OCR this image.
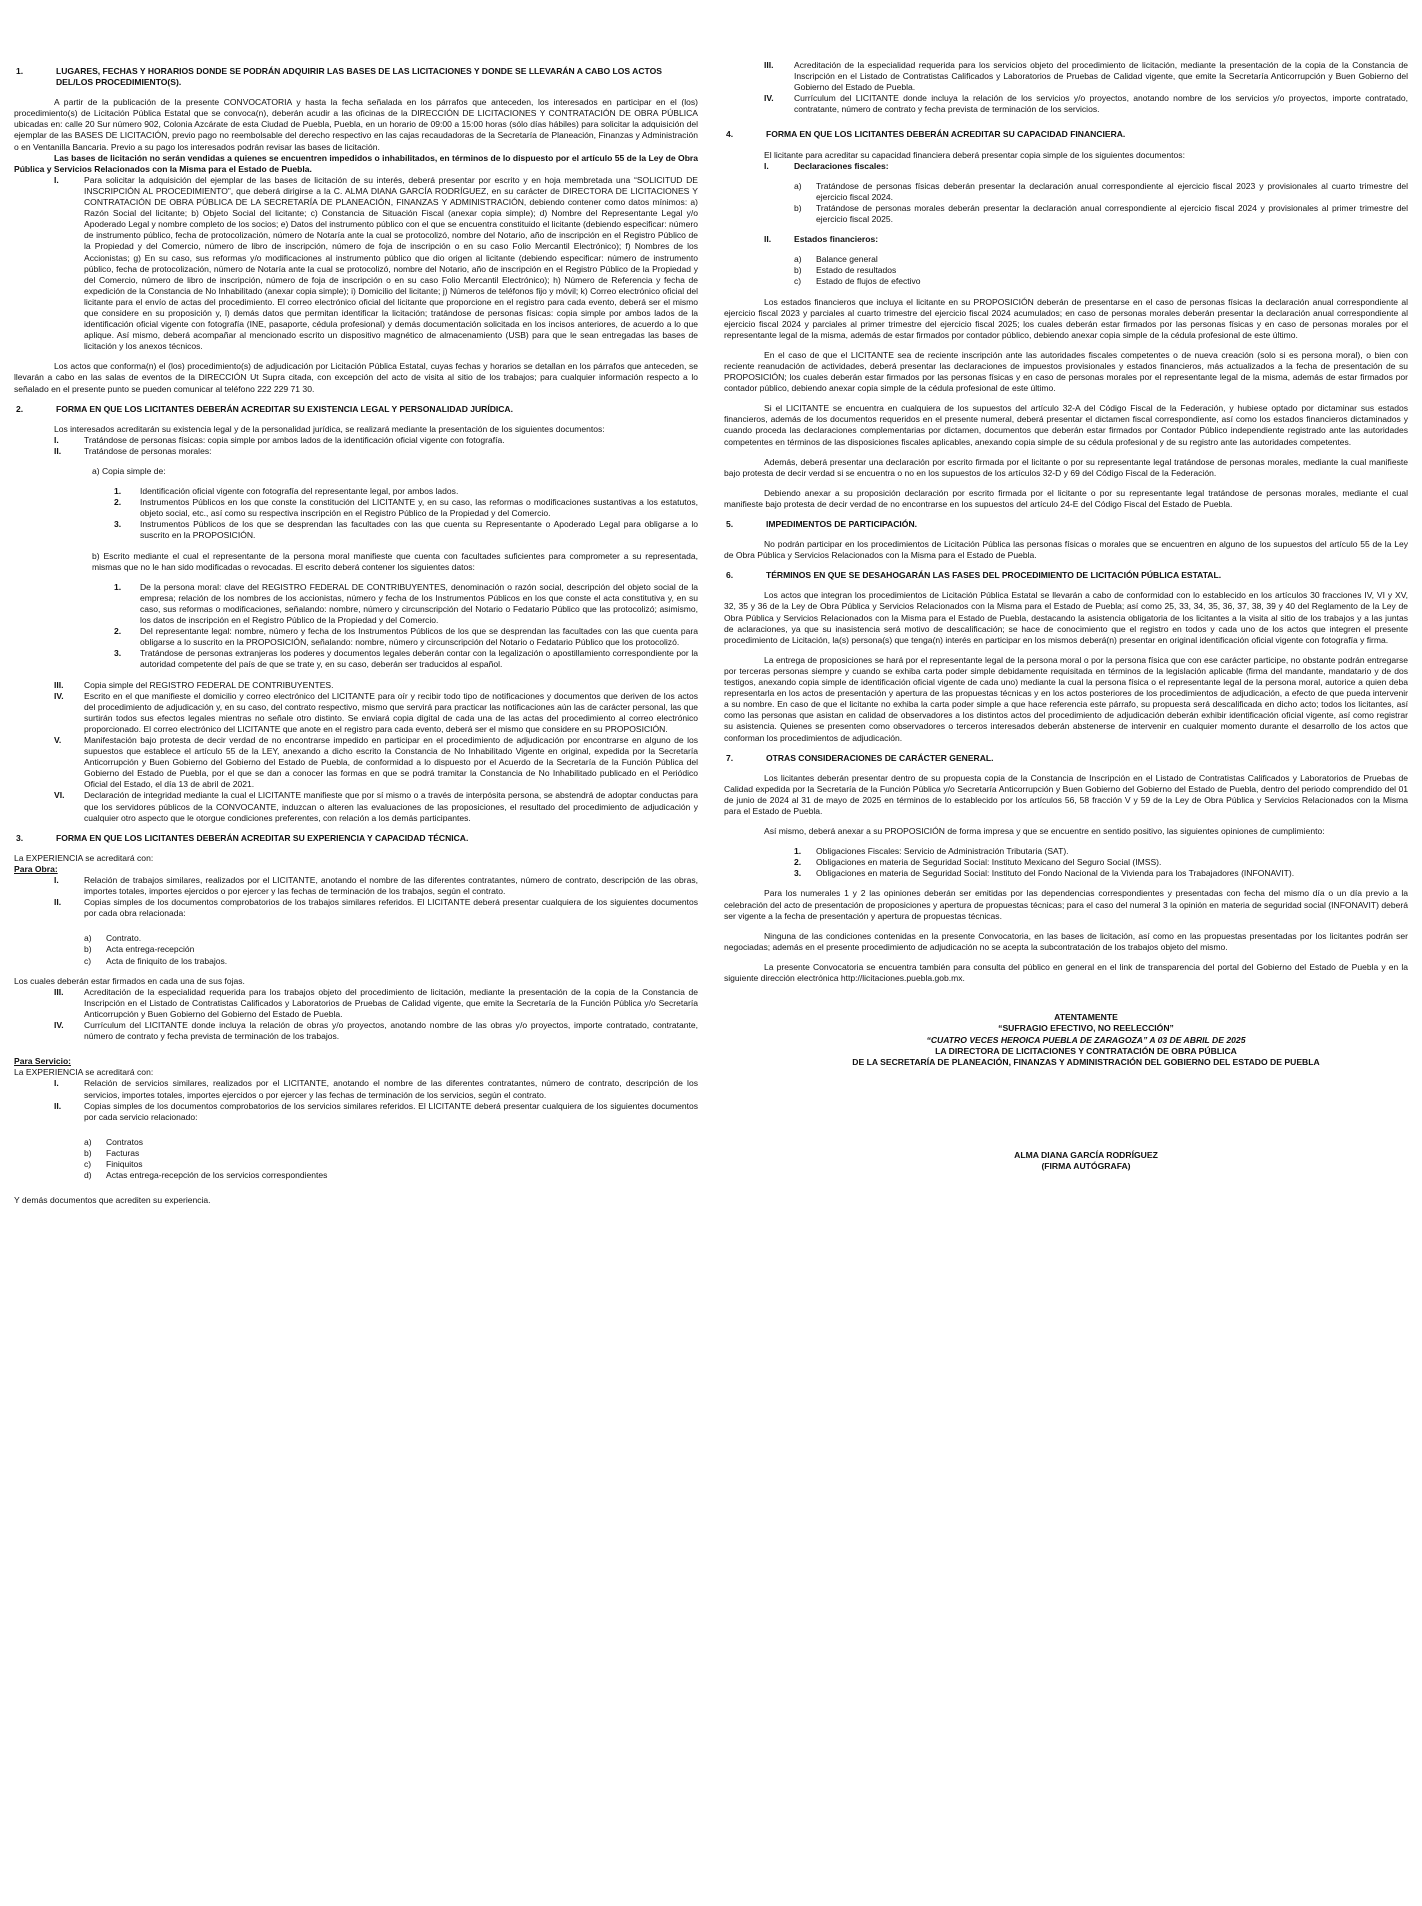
1.	LUGARES, FECHAS Y HORARIOS DONDE SE PODRÁN ADQUIRIR LAS BASES DE LAS LICITACIONES Y DONDE SE LLEVARÁN A CABO LOS ACTOS DEL/LOS PROCEDIMIENTO(S).

A partir de la publicación de la presente CONVOCATORIA y hasta la fecha señalada en los párrafos que anteceden, los interesados en participar en el (los) procedimiento(s) de Licitación Pública Estatal que se convoca(n), deberán acudir a las oficinas de la DIRECCIÓN DE LICITACIONES Y CONTRATACIÓN DE OBRA PÚBLICA ubicadas en: calle 20 Sur número 902, Colonia Azcárate de esta Ciudad de Puebla, Puebla, en un horario de 09:00 a 15:00 horas (sólo días hábiles) para solicitar la adquisición del ejemplar de las BASES DE LICITACIÓN, previo pago no reembolsable del derecho respectivo en las cajas recaudadoras de la Secretaría de Planeación, Finanzas y Administración o en Ventanilla Bancaria. Previo a su pago los interesados podrán revisar las bases de licitación.

Las bases de licitación no serán vendidas a quienes se encuentren impedidos o inhabilitados, en términos de lo dispuesto por el artículo 55 de la Ley de Obra Pública y Servicios Relacionados con la Misma para el Estado de Puebla.

I.	Para solicitar la adquisición del ejemplar de las bases de licitación de su interés, deberá presentar por escrito y en hoja membretada una “SOLICITUD DE INSCRIPCIÓN AL PROCEDIMIENTO”, que deberá dirigirse a la C. ALMA DIANA GARCÍA RODRÍGUEZ, en su carácter de DIRECTORA DE LICITACIONES Y CONTRATACIÓN DE OBRA PÚBLICA DE LA SECRETARÍA DE PLANEACIÓN, FINANZAS Y ADMINISTRACIÓN, debiendo contener como datos mínimos: a) Razón Social del licitante; b) Objeto Social del licitante; c) Constancia de Situación Fiscal (anexar copia simple); d) Nombre del Representante Legal y/o Apoderado Legal y nombre completo de los socios; e) Datos del instrumento público con el que se encuentra constituido el licitante (debiendo especificar: número de instrumento público, fecha de protocolización, número de Notaría ante la cual se protocolizó, nombre del Notario, año de inscripción en el Registro Público de la Propiedad y del Comercio, número de libro de inscripción, número de foja de inscripción o en su caso Folio Mercantil Electrónico); f) Nombres de los Accionistas; g) En su caso, sus reformas y/o modificaciones al instrumento público que dio origen al licitante (debiendo especificar: número de instrumento público, fecha de protocolización, número de Notaría ante la cual se protocolizó, nombre del Notario, año de inscripción en el Registro Público de la Propiedad y del Comercio, número de libro de inscripción, número de foja de inscripción o en su caso Folio Mercantil Electrónico); h) Número de Referencia y fecha de expedición de la Constancia de No Inhabilitado (anexar copia simple); i) Domicilio del licitante; j) Números de teléfonos fijo y móvil; k) Correo electrónico oficial del licitante para el envío de actas del procedimiento. El correo electrónico oficial del licitante que proporcione en el registro para cada evento, deberá ser el mismo que considere en su proposición y, l) demás datos que permitan identificar la licitación; tratándose de personas físicas: copia simple por ambos lados de la identificación oficial vigente con fotografía (INE, pasaporte, cédula profesional) y demás documentación solicitada en los incisos anteriores, de acuerdo a lo que aplique. Así mismo, deberá acompañar al mencionado escrito un dispositivo magnético de almacenamiento (USB) para que le sean entregadas las bases de licitación y los anexos técnicos.

Los actos que conforma(n) el (los) procedimiento(s) de adjudicación por Licitación Pública Estatal, cuyas fechas y horarios se detallan en los párrafos que anteceden, se llevarán a cabo en las salas de eventos de la DIRECCIÓN Ut Supra citada, con excepción del acto de visita al sitio de los trabajos; para cualquier información respecto a lo señalado en el presente punto se pueden comunicar al teléfono 222 229 71 30.

2.	FORMA EN QUE LOS LICITANTES DEBERÁN ACREDITAR SU EXISTENCIA LEGAL Y PERSONALIDAD JURÍDICA.

Los interesados acreditarán su existencia legal y de la personalidad jurídica, se realizará mediante la presentación de los siguientes documentos:

I.	Tratándose de personas físicas: copia simple por ambos lados de la identificación oficial vigente con fotografía.
II.	Tratándose de personas morales:

a) Copia simple de:

1.	Identificación oficial vigente con fotografía del representante legal, por ambos lados.
2.	Instrumentos Públicos en los que conste la constitución del LICITANTE y, en su caso, las reformas o modificaciones sustantivas a los estatutos, objeto social, etc., así como su respectiva inscripción en el Registro Público de la Propiedad y del Comercio.
3.	Instrumentos Públicos de los que se desprendan las facultades con las que cuenta su Representante o Apoderado Legal para obligarse a lo suscrito en la PROPOSICIÓN.

b) Escrito mediante el cual el representante de la persona moral manifieste que cuenta con facultades suficientes para comprometer a su representada, mismas que no le han sido modificadas o revocadas. El escrito deberá contener los siguientes datos:

1.	De la persona moral: clave del REGISTRO FEDERAL DE CONTRIBUYENTES, denominación o razón social, descripción del objeto social de la empresa; relación de los nombres de los accionistas, número y fecha de los Instrumentos Públicos en los que conste el acta constitutiva y, en su caso, sus reformas o modificaciones, señalando: nombre, número y circunscripción del Notario o Fedatario Público que las protocolizó; asimismo, los datos de inscripción en el Registro Público de la Propiedad y del Comercio.
2.	Del representante legal: nombre, número y fecha de los Instrumentos Públicos de los que se desprendan las facultades con las que cuenta para obligarse a lo suscrito en la PROPOSICIÓN, señalando: nombre, número y circunscripción del Notario o Fedatario Público que los protocolizó.
3.	Tratándose de personas extranjeras los poderes y documentos legales deberán contar con la legalización o apostillamiento correspondiente por la autoridad competente del país de que se trate y, en su caso, deberán ser traducidos al español.
III.	Copia simple del REGISTRO FEDERAL DE CONTRIBUYENTES.
IV.	Escrito en el que manifieste el domicilio y correo electrónico del LICITANTE para oír y recibir todo tipo de notificaciones y documentos que deriven de los actos del procedimiento de adjudicación y, en su caso, del contrato respectivo, mismo que servirá para practicar las notificaciones aún las de carácter personal, las que surtirán todos sus efectos legales mientras no señale otro distinto. Se enviará copia digital de cada una de las actas del procedimiento al correo electrónico proporcionado. El correo electrónico del LICITANTE que anote en el registro para cada evento, deberá ser el mismo que considere en su PROPOSICIÓN.
V.	Manifestación bajo protesta de decir verdad de no encontrarse impedido en participar en el procedimiento de adjudicación por encontrarse en alguno de los supuestos que establece el artículo 55 de la LEY, anexando a dicho escrito la Constancia de No Inhabilitado Vigente en original, expedida por la Secretaría Anticorrupción y Buen Gobierno del Gobierno del Estado de Puebla, de conformidad a lo dispuesto por el Acuerdo de la Secretaría de la Función Pública del Gobierno del Estado de Puebla, por el que se dan a conocer las formas en que se podrá tramitar la Constancia de No Inhabilitado publicado en el Periódico Oficial del Estado, el día 13 de abril de 2021.
VI.	Declaración de integridad mediante la cual el LICITANTE manifieste que por sí mismo o a través de interpósita persona, se abstendrá de adoptar conductas para que los servidores públicos de la CONVOCANTE, induzcan o alteren las evaluaciones de las proposiciones, el resultado del procedimiento de adjudicación y cualquier otro aspecto que le otorgue condiciones preferentes, con relación a los demás participantes.
3.	FORMA EN QUE LOS LICITANTES DEBERÁN ACREDITAR SU EXPERIENCIA Y CAPACIDAD TÉCNICA.

La EXPERIENCIA se acreditará con:

Para Obra:

I.	Relación de trabajos similares, realizados por el LICITANTE, anotando el nombre de las diferentes contratantes, número de contrato, descripción de las obras, importes totales, importes ejercidos o por ejercer y las fechas de terminación de los trabajos, según el contrato.
II.	Copias simples de los documentos comprobatorios de los trabajos similares referidos. El LICITANTE deberá presentar cualquiera de los siguientes documentos por cada obra relacionada:
a)	Contrato.
b)	Acta entrega-recepción
c)	Acta de finiquito de los trabajos.

Los cuales deberán estar firmados en cada una de sus fojas.

III.	Acreditación de la especialidad requerida para los trabajos objeto del procedimiento de licitación, mediante la presentación de la copia de la Constancia de Inscripción en el Listado de Contratistas Calificados y Laboratorios de Pruebas de Calidad vigente, que emite la Secretaría de la Función Pública y/o Secretaría Anticorrupción y Buen Gobierno del Gobierno del Estado de Puebla.
IV.	Currículum del LICITANTE donde incluya la relación de obras y/o proyectos, anotando nombre de las obras y/o proyectos, importe contratado, contratante, número de contrato y fecha prevista de terminación de los trabajos.

Para Servicio:

La EXPERIENCIA se acreditará con:

I.	Relación de servicios similares, realizados por el LICITANTE, anotando el nombre de las diferentes contratantes, número de contrato, descripción de los servicios, importes totales, importes ejercidos o por ejercer y las fechas de terminación de los servicios, según el contrato.
II.	Copias simples de los documentos comprobatorios de los servicios similares referidos. El LICITANTE deberá presentar cualquiera de los siguientes documentos por cada servicio relacionado:
a)	Contratos
b)	Facturas
c)	Finiquitos
d)	Actas entrega-recepción de los servicios correspondientes

Y demás documentos que acrediten su experiencia.

III.	Acreditación de la especialidad requerida para los servicios objeto del procedimiento de licitación, mediante la presentación de la copia de la Constancia de Inscripción en el Listado de Contratistas Calificados y Laboratorios de Pruebas de Calidad vigente, que emite la Secretaría Anticorrupción y Buen Gobierno del Gobierno del Estado de Puebla.
IV.	Currículum del LICITANTE donde incluya la relación de los servicios y/o proyectos, anotando nombre de los servicios y/o proyectos, importe contratado, contratante, número de contrato y fecha prevista de terminación de los servicios.
4.	FORMA EN QUE LOS LICITANTES DEBERÁN ACREDITAR SU CAPACIDAD FINANCIERA.

El licitante para acreditar su capacidad financiera deberá presentar copia simple de los siguientes documentos:

I.	Declaraciones fiscales:
a)	Tratándose de personas físicas deberán presentar la declaración anual correspondiente al ejercicio fiscal 2023 y provisionales al cuarto trimestre del ejercicio fiscal 2024.
b)	Tratándose de personas morales deberán presentar la declaración anual correspondiente al ejercicio fiscal 2024 y provisionales al primer trimestre del ejercicio fiscal 2025.
II.	Estados financieros:
a)	Balance general
b)	Estado de resultados
c)	Estado de flujos de efectivo

Los estados financieros que incluya el licitante en su PROPOSICIÓN deberán de presentarse en el caso de personas físicas la declaración anual correspondiente al ejercicio fiscal 2023 y parciales al cuarto trimestre del ejercicio fiscal 2024 acumulados; en caso de personas morales deberán presentar la declaración anual correspondiente al ejercicio fiscal 2024 y parciales al primer trimestre del ejercicio fiscal 2025; los cuales deberán estar firmados por las personas físicas y en caso de personas morales por el representante legal de la misma, además de estar firmados por contador público, debiendo anexar copia simple de la cédula profesional de este último.

En el caso de que el LICITANTE sea de reciente inscripción ante las autoridades fiscales competentes o de nueva creación (solo si es persona moral), o bien con reciente reanudación de actividades, deberá presentar las declaraciones de impuestos provisionales y estados financieros, más actualizados a la fecha de presentación de su PROPOSICIÓN; los cuales deberán estar firmados por las personas físicas y en caso de personas morales por el representante legal de la misma, además de estar firmados por contador público, debiendo anexar copia simple de la cédula profesional de este último.

Si el LICITANTE se encuentra en cualquiera de los supuestos del artículo 32-A del Código Fiscal de la Federación, y hubiese optado por dictaminar sus estados financieros, además de los documentos requeridos en el presente numeral, deberá presentar el dictamen fiscal correspondiente, así como los estados financieros dictaminados y cuando proceda las declaraciones complementarias por dictamen, documentos que deberán estar firmados por Contador Público independiente registrado ante las autoridades competentes en términos de las disposiciones fiscales aplicables, anexando copia simple de su cédula profesional y de su registro ante las autoridades competentes.

Además, deberá presentar una declaración por escrito firmada por el licitante o por su representante legal tratándose de personas morales, mediante la cual manifieste bajo protesta de decir verdad si se encuentra o no en los supuestos de los artículos 32-D y 69 del Código Fiscal de la Federación.

Debiendo anexar a su proposición declaración por escrito firmada por el licitante o por su representante legal tratándose de personas morales, mediante el cual manifieste bajo protesta de decir verdad de no encontrarse en los supuestos del artículo 24-E del Código Fiscal del Estado de Puebla.

5.	IMPEDIMENTOS DE PARTICIPACIÓN.

No podrán participar en los procedimientos de Licitación Pública las personas físicas o morales que se encuentren en alguno de los supuestos del artículo 55 de la Ley de Obra Pública y Servicios Relacionados con la Misma para el Estado de Puebla.

6.	TÉRMINOS EN QUE SE DESAHOGARÁN LAS FASES DEL PROCEDIMIENTO DE LICITACIÓN PÚBLICA ESTATAL.

Los actos que integran los procedimientos de Licitación Pública Estatal se llevarán a cabo de conformidad con lo establecido en los artículos 30 fracciones IV, VI y XV, 32, 35 y 36 de la Ley de Obra Pública y Servicios Relacionados con la Misma para el Estado de Puebla; así como 25, 33, 34, 35, 36, 37, 38, 39 y 40 del Reglamento de la Ley de Obra Pública y Servicios Relacionados con la Misma para el Estado de Puebla, destacando la asistencia obligatoria de los licitantes a la visita al sitio de los trabajos y a las juntas de aclaraciones, ya que su inasistencia será motivo de descalificación; se hace de conocimiento que el registro en todos y cada uno de los actos que integren el presente procedimiento de Licitación, la(s) persona(s) que tenga(n) interés en participar en los mismos deberá(n) presentar en original identificación oficial vigente con fotografía y firma.

La entrega de proposiciones se hará por el representante legal de la persona moral o por la persona física que con ese carácter participe, no obstante podrán entregarse por terceras personas siempre y cuando se exhiba carta poder simple debidamente requisitada en términos de la legislación aplicable (firma del mandante, mandatario y de dos testigos, anexando copia simple de identificación oficial vigente de cada uno) mediante la cual la persona física o el representante legal de la persona moral, autorice a quien deba representarla en los actos de presentación y apertura de las propuestas técnicas y en los actos posteriores de los procedimientos de adjudicación, a efecto de que pueda intervenir a su nombre. En caso de que el licitante no exhiba la carta poder simple a que hace referencia este párrafo, su propuesta será descalificada en dicho acto; todos los licitantes, así como las personas que asistan en calidad de observadores a los distintos actos del procedimiento de adjudicación deberán exhibir identificación oficial vigente, así como registrar su asistencia. Quienes se presenten como observadores o terceros interesados deberán abstenerse de intervenir en cualquier momento durante el desarrollo de los actos que conforman los procedimientos de adjudicación.

7.	OTRAS CONSIDERACIONES DE CARÁCTER GENERAL.

Los licitantes deberán presentar dentro de su propuesta copia de la Constancia de Inscripción en el Listado de Contratistas Calificados y Laboratorios de Pruebas de Calidad expedida por la Secretaría de la Función Pública y/o Secretaría Anticorrupción y Buen Gobierno del Gobierno del Estado de Puebla, dentro del periodo comprendido del 01 de junio de 2024 al 31 de mayo de 2025 en términos de lo establecido por los artículos 56, 58 fracción V y 59 de la Ley de Obra Pública y Servicios Relacionados con la Misma para el Estado de Puebla.

Así mismo, deberá anexar a su PROPOSICIÓN de forma impresa y que se encuentre en sentido positivo, las siguientes opiniones de cumplimiento:

1.	Obligaciones Fiscales: Servicio de Administración Tributaria (SAT).
2.	Obligaciones en materia de Seguridad Social: Instituto Mexicano del Seguro Social (IMSS).
3.	Obligaciones en materia de Seguridad Social: Instituto del Fondo Nacional de la Vivienda para los Trabajadores (INFONAVIT).

Para los numerales 1 y 2 las opiniones deberán ser emitidas por las dependencias correspondientes y presentadas con fecha del mismo día o un día previo a la celebración del acto de presentación de proposiciones y apertura de propuestas técnicas; para el caso del numeral 3 la opinión en materia de seguridad social (INFONAVIT) deberá ser vigente a la fecha de presentación y apertura de propuestas técnicas.

Ninguna de las condiciones contenidas en la presente Convocatoria, en las bases de licitación, así como en las propuestas presentadas por los licitantes podrán ser negociadas; además en el presente procedimiento de adjudicación no se acepta la subcontratación de los trabajos objeto del mismo.

La presente Convocatoria se encuentra también para consulta del público en general en el link de transparencia del portal del Gobierno del Estado de Puebla y en la siguiente dirección electrónica http://licitaciones.puebla.gob.mx.

ATENTAMENTE

“SUFRAGIO EFECTIVO, NO REELECCIÓN”

“CUATRO VECES HEROICA PUEBLA DE ZARAGOZA” A 03 DE ABRIL DE 2025

LA DIRECTORA DE LICITACIONES Y CONTRATACIÓN DE OBRA PÚBLICA

DE LA SECRETARÍA DE PLANEACIÓN, FINANZAS Y ADMINISTRACIÓN DEL GOBIERNO DEL ESTADO DE PUEBLA

ALMA DIANA GARCÍA RODRÍGUEZ

(FIRMA AUTÓGRAFA)
